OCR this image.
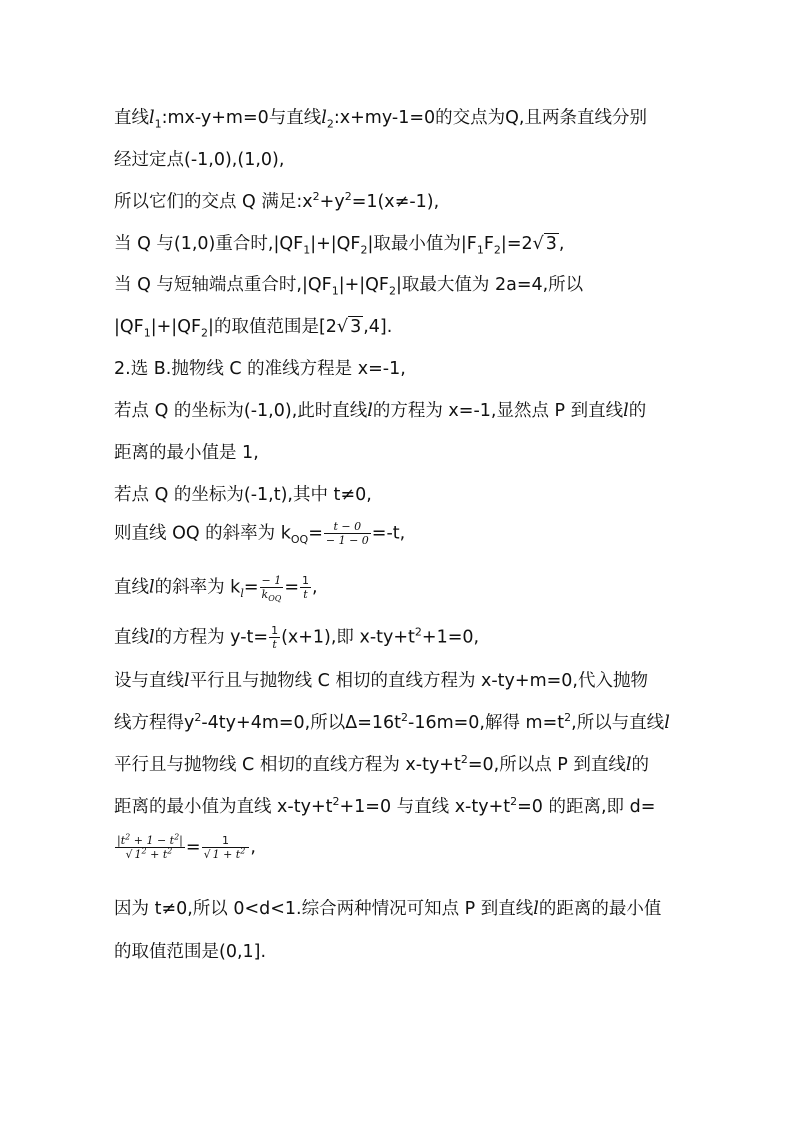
直线$l_1:mx-y+m=0$与直线$l_2:x+my-1=0$的交点为Q,且两条直线分别
经过定点(-1,0),(1,0),
所以它们的交点 Q 满足$:x^2+y^2=1(x\ne-1)$,
当 Q 与(1,0)重合时$,|QF_1|+|QF_2|$取最小值为$|F_1F_2|=2√$ 3 ,
当 Q 与短轴端点重合时$,|QF_1|+|QF_2|$取最大值为 2a=4,所以
$|QF_1|+|QF_2|$的取值范围是[2√ 3 ,4].
2.选 B.抛物线 C 的准线方程是 x=-1,
若点 Q 的坐标为(-1,0),此时直线l的方程为 x=-1,显然点 P 到直线l的
距离的最小值是 1,
若点 Q 的坐标为(-1,t),其中 t≠0,
则直线 OQ 的斜率为 $k_{OQ}= \frac{t - 0}{- 1 - 0} =-t$,
直线l的斜率为 $k_l= \frac{- 1}{k_{OQ}} = \frac{1}{t}$ ,
直线l的方程为 $y-t= \frac{1}{t} (x+1)$,即 $x-ty+t^2+1=0$,
设与直线l平行且与抛物线 C 相切的直线方程为 x-ty+m=0,代入抛物
线方程得$y^2-4ty+4m=0$,所以$\Delta=16t^2-16m=0$,解得 $m=t^2$,所以与直线l
平行且与抛物线 C 相切的直线方程为 $x-ty+t^2=0$,所以点 P 到直线l的
距离的最小值为直线 $x-ty+t^2+1=0$ 与直线 $x-ty+t^2=0$ 的距离,即 d=
$\frac{|t^2 + 1 - t^2|}{√ 1^2 + t^2} = \frac{1}{√ 1 + t^2}$ ,
因为 t≠0,所以 0<d<1.综合两种情况可知点 P 到直线l的距离的最小值
的取值范围是(0,1].
